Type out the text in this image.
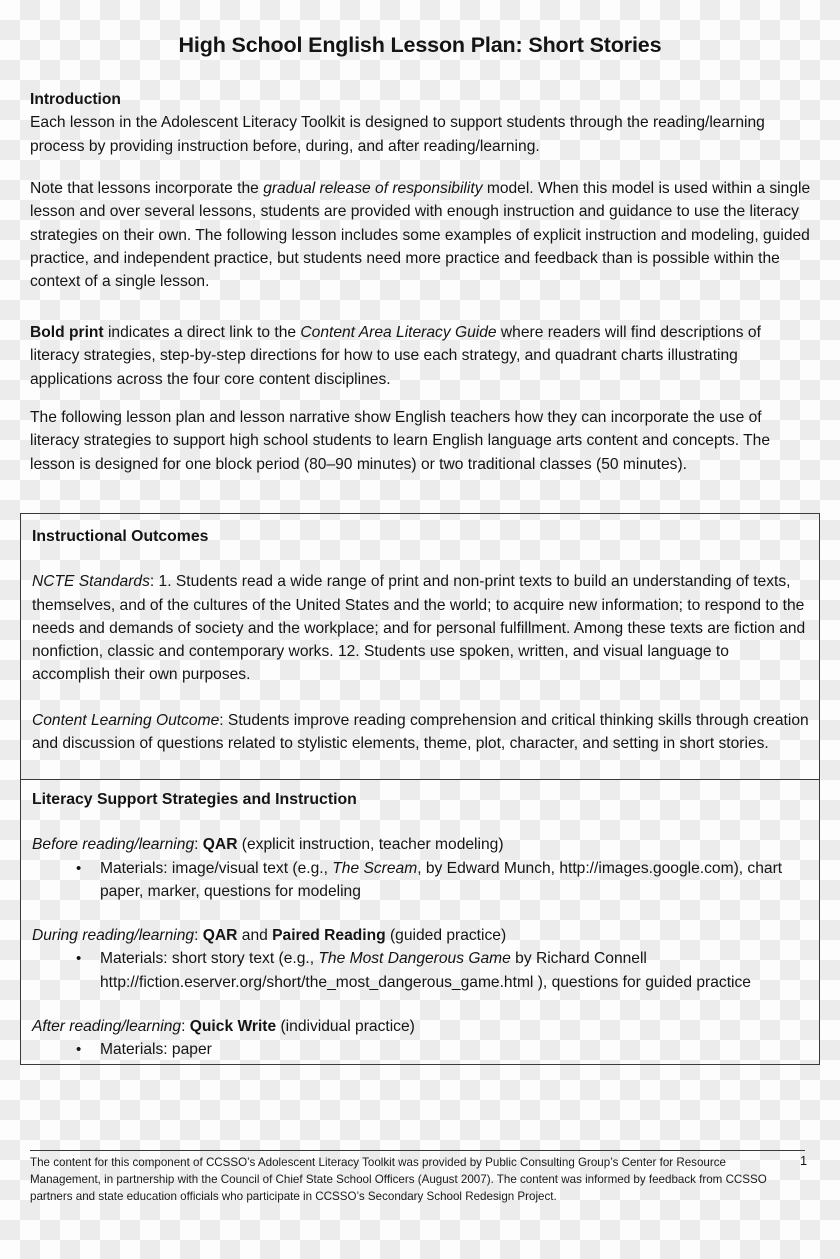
High School English Lesson Plan: Short Stories
Introduction
Each lesson in the Adolescent Literacy Toolkit is designed to support students through the reading/learning process by providing instruction before, during, and after reading/learning.
Note that lessons incorporate the gradual release of responsibility model. When this model is used within a single lesson and over several lessons, students are provided with enough instruction and guidance to use the literacy strategies on their own. The following lesson includes some examples of explicit instruction and modeling, guided practice, and independent practice, but students need more practice and feedback than is possible within the context of a single lesson.
Bold print indicates a direct link to the Content Area Literacy Guide where readers will find descriptions of literacy strategies, step-by-step directions for how to use each strategy, and quadrant charts illustrating applications across the four core content disciplines.
The following lesson plan and lesson narrative show English teachers how they can incorporate the use of literacy strategies to support high school students to learn English language arts content and concepts. The lesson is designed for one block period (80–90 minutes) or two traditional classes (50 minutes).
Instructional Outcomes
NCTE Standards: 1. Students read a wide range of print and non-print texts to build an understanding of texts, themselves, and of the cultures of the United States and the world; to acquire new information; to respond to the needs and demands of society and the workplace; and for personal fulfillment. Among these texts are fiction and nonfiction, classic and contemporary works. 12. Students use spoken, written, and visual language to accomplish their own purposes.
Content Learning Outcome: Students improve reading comprehension and critical thinking skills through creation and discussion of questions related to stylistic elements, theme, plot, character, and setting in short stories.
Literacy Support Strategies and Instruction
Before reading/learning: QAR (explicit instruction, teacher modeling)
• Materials: image/visual text (e.g., The Scream, by Edward Munch, http://images.google.com), chart paper, marker, questions for modeling
During reading/learning: QAR and Paired Reading (guided practice)
• Materials: short story text (e.g., The Most Dangerous Game by Richard Connell http://fiction.eserver.org/short/the_most_dangerous_game.html ), questions for guided practice
After reading/learning: Quick Write (individual practice)
• Materials: paper
The content for this component of CCSSO’s Adolescent Literacy Toolkit was provided by Public Consulting Group’s Center for Resource Management, in partnership with the Council of Chief State School Officers (August 2007). The content was informed by feedback from CCSSO partners and state education officials who participate in CCSSO’s Secondary School Redesign Project.
1
